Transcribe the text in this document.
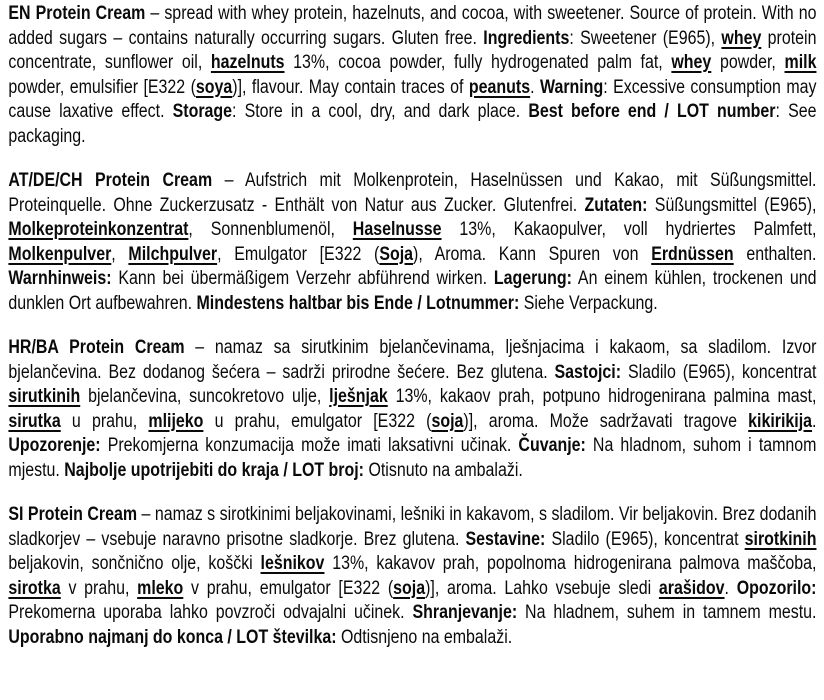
EN Protein Cream – spread with whey protein, hazelnuts, and cocoa, with sweetener. Source of protein. With no added sugars – contains naturally occurring sugars. Gluten free. Ingredients: Sweetener (E965), whey protein concentrate, sunflower oil, hazelnuts 13%, cocoa powder, fully hydrogenated palm fat, whey powder, milk powder, emulsifier [E322 (soya)], flavour. May contain traces of peanuts. Warning: Excessive consumption may cause laxative effect. Storage: Store in a cool, dry, and dark place. Best before end / LOT number: See packaging.

AT/DE/CH Protein Cream – Aufstrich mit Molkenprotein, Haselnüssen und Kakao, mit Süßungsmittel. Proteinquelle. Ohne Zuckerzusatz - Enthält von Natur aus Zucker. Glutenfrei. Zutaten: Süßungsmittel (E965), Molkeproteinkonzentrat, Sonnenblumenöl, Haselnusse 13%, Kakaopulver, voll hydriertes Palmfett, Molkenpulver, Milchpulver, Emulgator [E322 (Soja), Aroma. Kann Spuren von Erdnüssen enthalten. Warnhinweis: Kann bei übermäßigem Verzehr abführend wirken. Lagerung: An einem kühlen, trockenen und dunklen Ort aufbewahren. Mindestens haltbar bis Ende / Lotnummer: Siehe Verpackung.

HR/BA Protein Cream – namaz sa sirutkinim bjelančevinama, lješnjacima i kakaom, sa sladilom. Izvor bjelančevina. Bez dodanog šećera – sadrži prirodne šećere. Bez glutena. Sastojci: Sladilo (E965), koncentrat sirutkinih bjelančevina, suncokretovo ulje, lješnjak 13%, kakaov prah, potpuno hidrogenirana palmina mast, sirutka u prahu, mlijeko u prahu, emulgator [E322 (soja)], aroma. Može sadržavati tragove kikirikija. Upozorenje: Prekomjerna konzumacija može imati laksativni učinak. Čuvanje: Na hladnom, suhom i tamnom mjestu. Najbolje upotrijebiti do kraja / LOT broj: Otisnuto na ambalaži.

SI Protein Cream – namaz s sirotkinimi beljakovinami, lešniki in kakavom, s sladilom. Vir beljakovin. Brez dodanih sladkorjev – vsebuje naravno prisotne sladkorje. Brez glutena. Sestavine: Sladilo (E965), koncentrat sirotkinih beljakovin, sončnično olje, koščki lešnikov 13%, kakavov prah, popolnoma hidrogenirana palmova maščoba, sirotka v prahu, mleko v prahu, emulgator [E322 (soja)], aroma. Lahko vsebuje sledi arašidov. Opozorilo: Prekomerna uporaba lahko povzroči odvajalni učinek. Shranjevanje: Na hladnem, suhem in tamnem mestu. Uporabno najmanj do konca / LOT številka: Odtisnjeno na embalaži.
